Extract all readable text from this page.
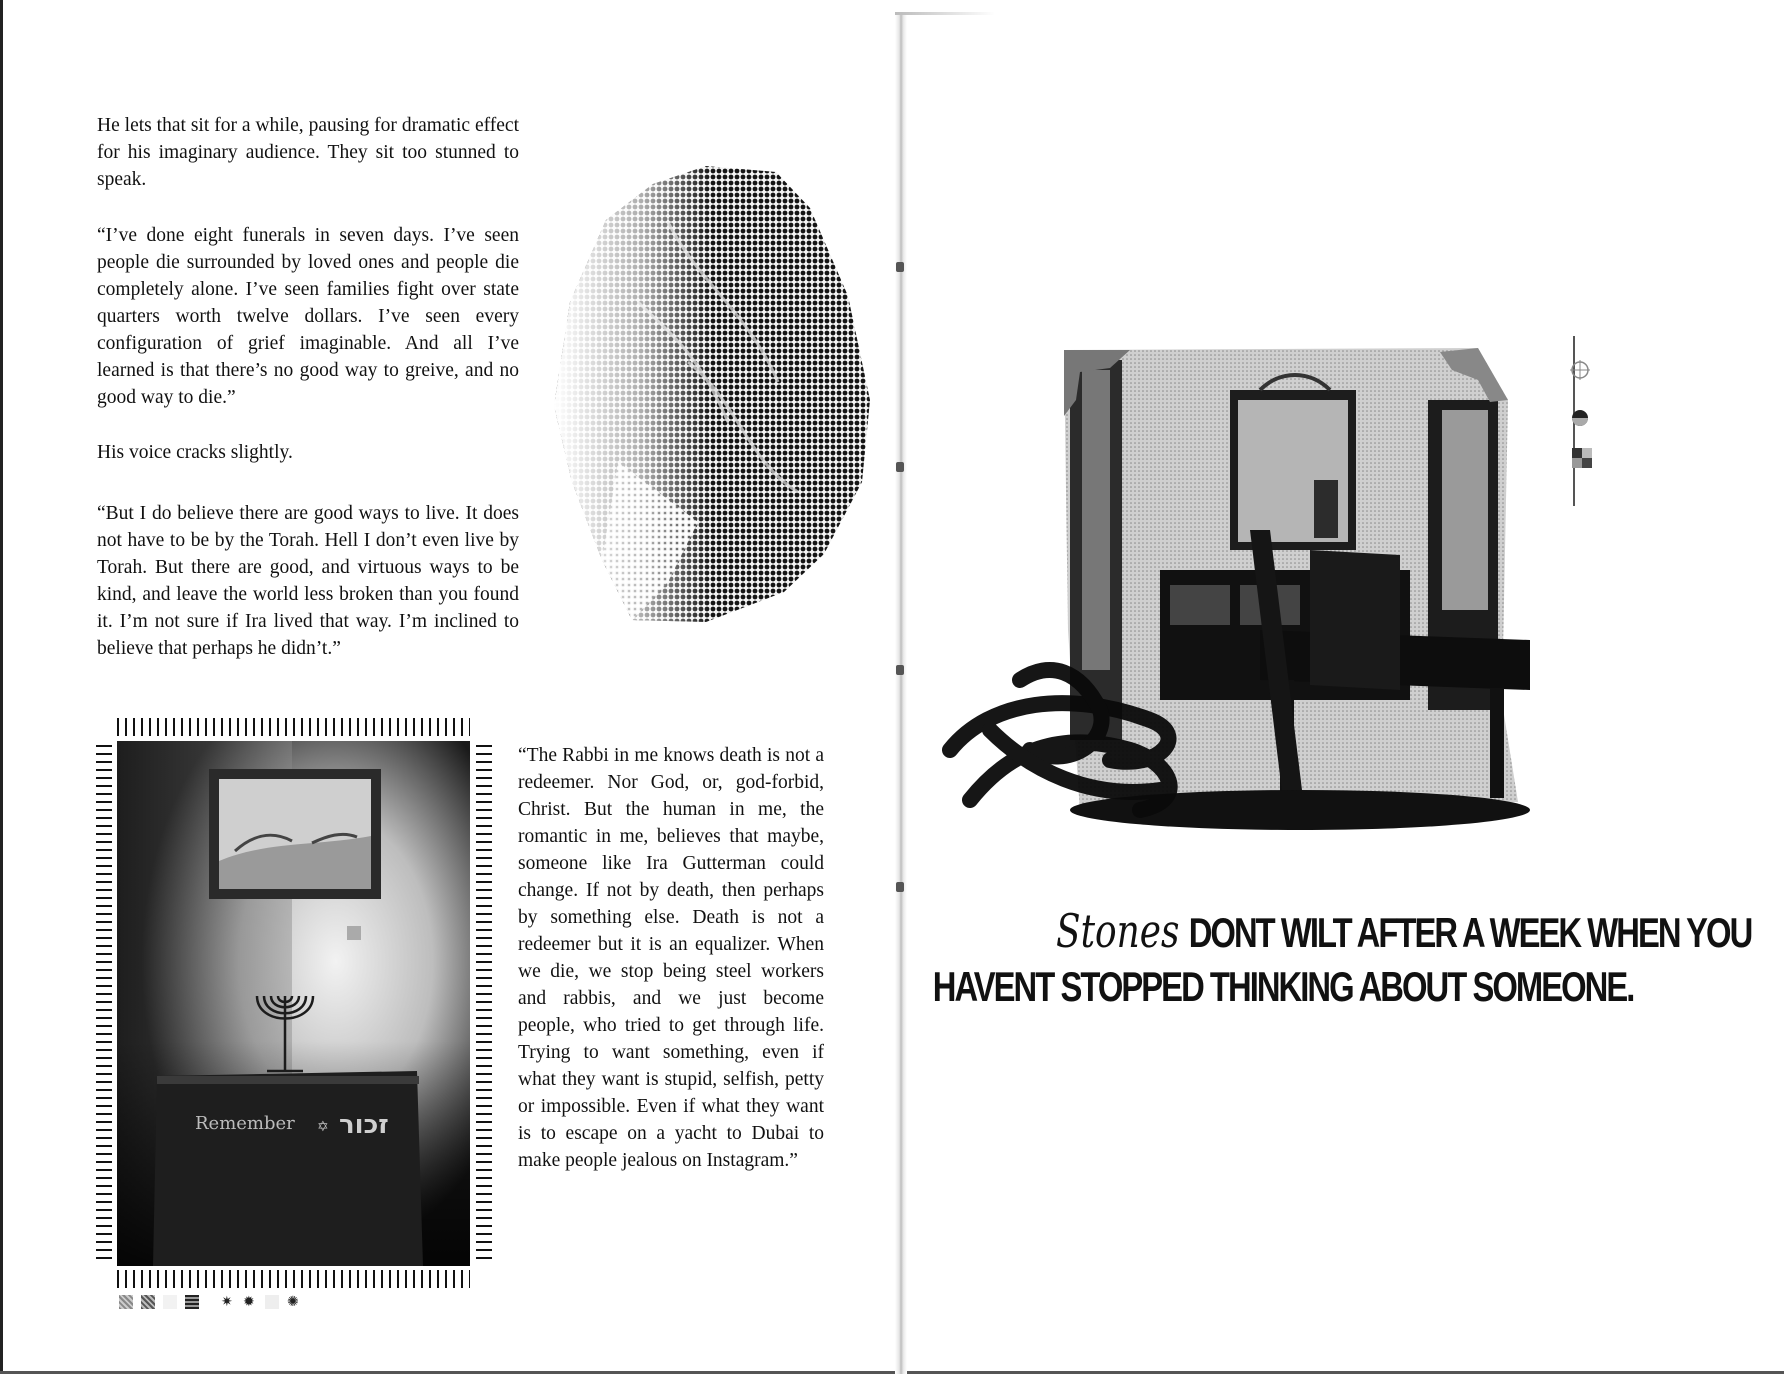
He lets that sit for a while, pausing for dramatic effect for his imaginary audience. They sit too stunned to speak.

“I’ve done eight funerals in seven days. I’ve seen people die surrounded by loved ones and people die completely alone. I’ve seen families fight over state quarters worth twelve dollars. I’ve seen every configuration of grief imaginable. And all I’ve learned is that there’s no good way to greive, and no good way to die.”

His voice cracks slightly.

“But I do believe there are good ways to live. It does not have to be by the Torah. Hell I don’t even live by Torah. But there are good, and virtuous ways to be kind, and leave the world less broken than you found it. I’m not sure if Ira lived that way. I’m inclined to believe that perhaps he didn’t.”

“The Rabbi in me knows death is not a redeemer. Nor God, or, god-forbid, Christ. But the human in me, the romantic in me, believes that maybe, someone like Ira Gutterman could change. If not by death, then perhaps by something else. Death is not a redeemer but it is an equalizer. When we die, we stop being steel workers and rabbis, and we just become people, who tried to get through life. Trying to want something, even if what they want is stupid, selfish, petty or impossible. Even if what they want is to escape on a yacht to Dubai to make people jealous on Instagram.”

Remember ✡ זכור
✷ ✹ ✺
Stones DONT WILT AFTER A WEEK WHEN YOU
HAVENT STOPPED THINKING ABOUT SOMEONE.
